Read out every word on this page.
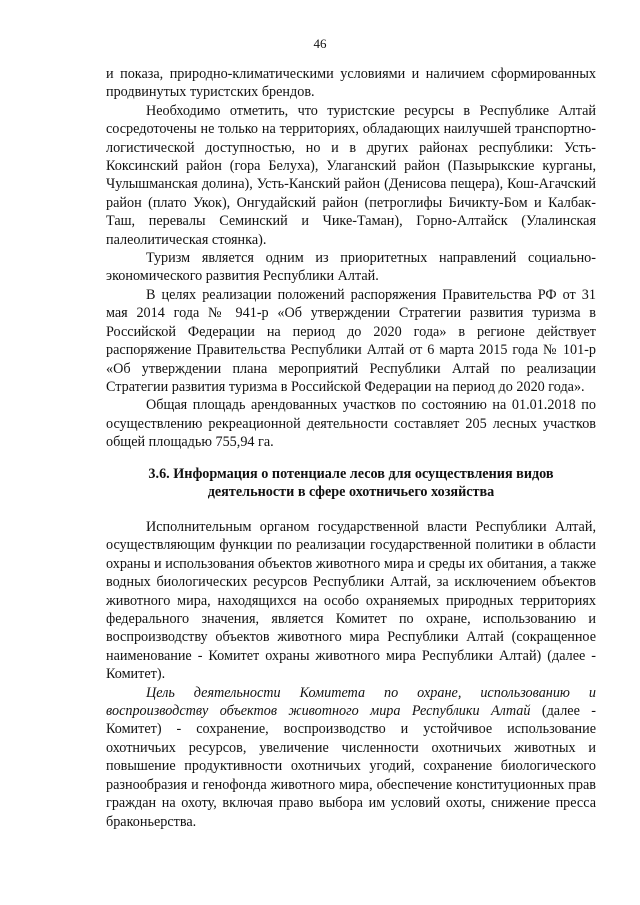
46

и показа, природно-климатическими условиями и наличием сформированных продвинутых туристских брендов.

Необходимо отметить, что туристские ресурсы в Республике Алтай сосредоточены не только на территориях, обладающих наилучшей транспортно-логистической доступностью, но и в других районах республики: Усть-Коксинский район (гора Белуха), Улаганский район (Пазырыкские курганы, Чулышманская долина), Усть-Канский район (Денисова пещера), Кош-Агачский район (плато Укок), Онгудайский район (петроглифы Бичикту-Бом и Калбак-Таш, перевалы Семинский и Чике-Таман), Горно-Алтайск (Улалинская палеолитическая стоянка).

Туризм является одним из приоритетных направлений социально-экономического развития Республики Алтай.

В целях реализации положений распоряжения Правительства РФ от 31 мая 2014 года № 941-р «Об утверждении Стратегии развития туризма в Российской Федерации на период до 2020 года» в регионе действует распоряжение Правительства Республики Алтай от 6 марта 2015 года № 101-р «Об утверждении плана мероприятий Республики Алтай по реализации Стратегии развития туризма в Российской Федерации на период до 2020 года».

Общая площадь арендованных участков по состоянию на 01.01.2018 по осуществлению рекреационной деятельности составляет 205 лесных участков общей площадью 755,94 га.

3.6. Информация о потенциале лесов для осуществления видов
деятельности в сфере охотничьего хозяйства

Исполнительным органом государственной власти Республики Алтай, осуществляющим функции по реализации государственной политики в области охраны и использования объектов животного мира и среды их обитания, а также водных биологических ресурсов Республики Алтай, за исключением объектов животного мира, находящихся на особо охраняемых природных территориях федерального значения, является Комитет по охране, использованию и воспроизводству объектов животного мира Республики Алтай (сокращенное наименование - Комитет охраны животного мира Республики Алтай) (далее - Комитет).

Цель деятельности Комитета по охране, использованию и воспроизводству объектов животного мира Республики Алтай (далее - Комитет) - сохранение, воспроизводство и устойчивое использование охотничьих ресурсов, увеличение численности охотничьих животных и повышение продуктивности охотничьих угодий, сохранение биологического разнообразия и генофонда животного мира, обеспечение конституционных прав граждан на охоту, включая право выбора им условий охоты, снижение пресса браконьерства.
